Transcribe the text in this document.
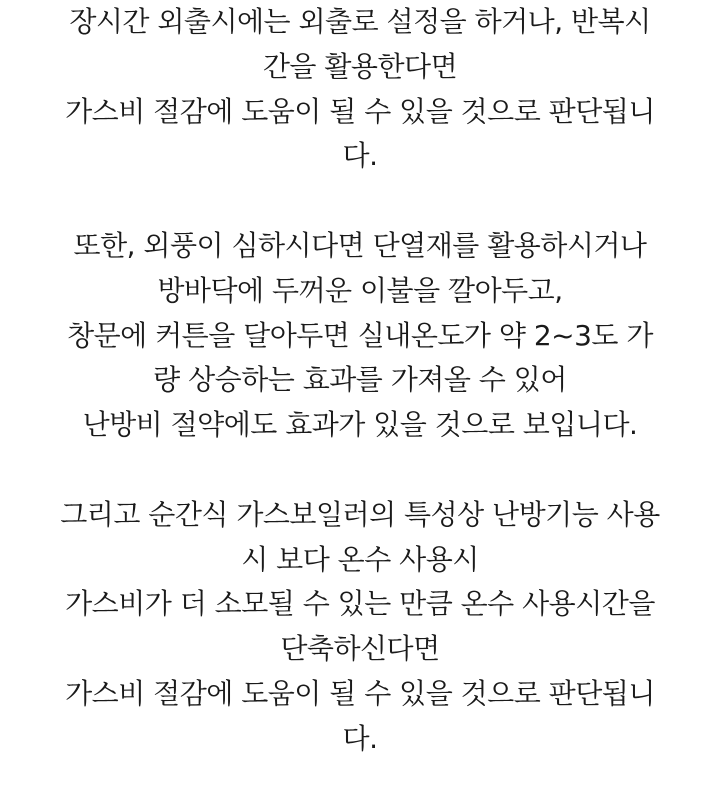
장시간 외출시에는 외출로 설정을 하거나, 반복시
간을 활용한다면
가스비 절감에 도움이 될 수 있을 것으로 판단됩니
다.
또한, 외풍이 심하시다면 단열재를 활용하시거나
방바닥에 두꺼운 이불을 깔아두고,
창문에 커튼을 달아두면 실내온도가 약 2~3도 가
량 상승하는 효과를 가져올 수 있어
난방비 절약에도 효과가 있을 것으로 보입니다.
그리고 순간식 가스보일러의 특성상 난방기능 사용
시 보다 온수 사용시
가스비가 더 소모될 수 있는 만큼 온수 사용시간을
단축하신다면
가스비 절감에 도움이 될 수 있을 것으로 판단됩니
다.
